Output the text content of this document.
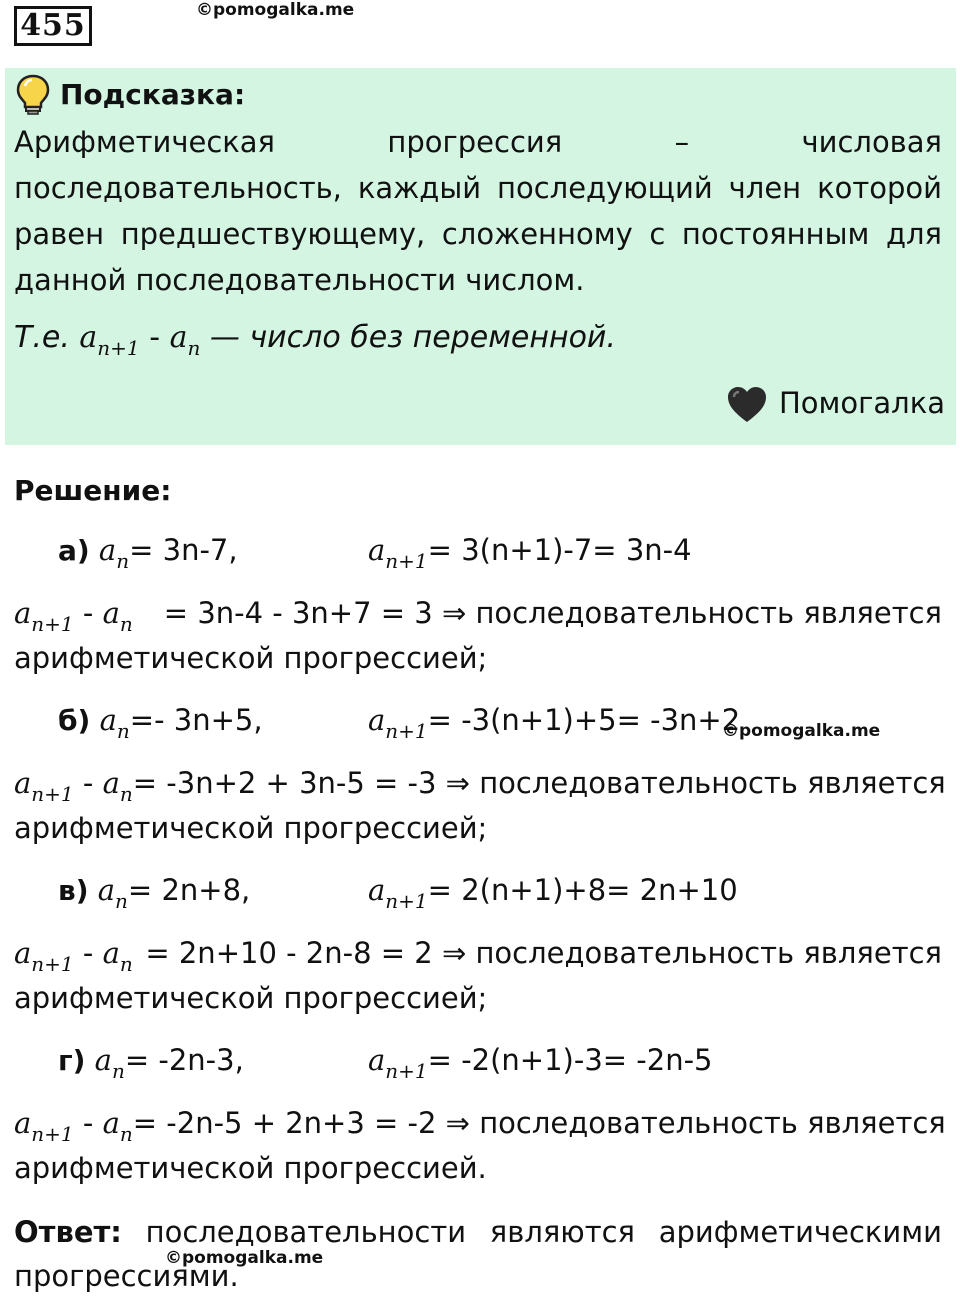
455	©pomogalka.me
Подсказка:
Арифметическая прогрессия – числовая последовательность, каждый последующий член которой равен предшествующему, сложенному с постоянным для данной последовательности числом.
Т.е. $a_{n+1} - a_n$ — число без переменной.
Помогалка
Решение:
а) $a_n= 3n-7$,	$a_{n+1}= 3(n+1)-7= 3n-4$
$a_{n+1} - a_n = 3n-4 - 3n+7 = 3$ ⇒ последовательность является
арифметической прогрессией;
б) $a_n=-$ 3n+5,	$a_{n+1}= -3(n+1)+5= -3n+2$
©pomogalka.me
$a_{n+1} - a_n = -3n+2 + 3n-5 = -3$ ⇒ последовательность является
арифметической прогрессией;
в) $a_n= 2n+8$,	$a_{n+1}= 2(n+1)+8= 2n+10$
$a_{n+1} - a_n = 2n+10 - 2n-8 = 2$ ⇒ последовательность является
арифметической прогрессией;
г) $a_n= -2n-3$,	$a_{n+1}= -2(n+1)-3= -2n-5$
$a_{n+1} - a_n = -2n-5 + 2n+3 = -2$ ⇒ последовательность является
арифметической прогрессией.
Ответ: последовательности являются арифметическими прогрессиями.
©pomogalka.me
